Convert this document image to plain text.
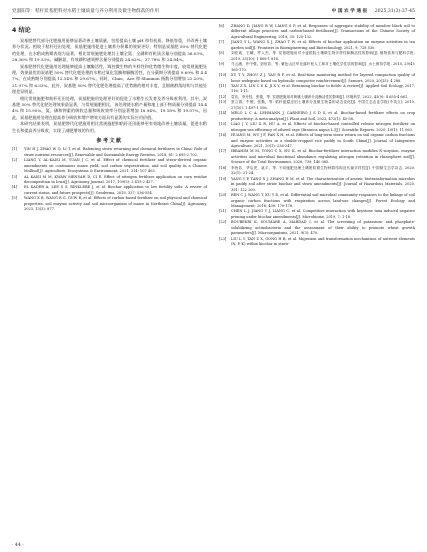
党淑阳等：秸秆炭基肥料对水稻土壤质量与养分利用及微生物群落的作用	中 国 农 学 通 报 2025,31(3):37-45
4 结论

炭基肥替代部分化肥施用能够显著改善土壤质量，包括提高土壤 pH 和有机质，降低容重，并改善土壤养分状况。相较于秸秆还田处理，炭基肥施用促进土壤养分积累的效果更好，特别是炭基肥 50% 替代化肥的处理，在水稻成熟期表现为显著，相比常规施肥处理其土壤全氮、全磷和有机质含量分别提高 36.03%、28.36% 和 19.53%，碱解氮、有效磷和速效钾含量分别提高 24.62%、37.78% 和 24.84%。

炭基肥替代化肥施用处理能够提高土壤酶活性，调控微生物的多样性和优势微生物丰度，较常规施肥处理，效果最优的炭基肥 50% 替代化肥处理的水稻过氧化氢酶和脲酶活性，在分蘖期分别提高 9.69% 和 4.47%，在成熟期分别提高 12.14% 和 29.67%。同时，Chao、Ace 和 Shannon 指数分别增加 22.20%、21.97% 和 6.33%。此外，炭基肥 50% 替代化肥处理提高了优势菌的相对丰度，且细菌群落结构与其他处理差异明显。

相比常规施肥和秸秆还田处理，炭基肥施用处理更好的促进了水稻生长发育及养分吸收利用，其中，炭基肥 50% 替代化肥处理效果最显著，与常规施肥相比，该处理使水稻产量和地上部干物质量分别提高 14.44% 和 15.95%，氮、磷和钾素的吸收总量和吸收效率分别显著增加 18.94%、19.18% 和 19.07%，因此，炭基肥施用处理在提高养分吸收和增产增效方面具有显著的实际应用价值。

本研究结果表明，炭基肥替代化肥施用相比常规施肥和秸秆还田能够更有效地改善土壤质量，促进水稻生长和提高养分吸收，实现了减肥增效的作用。

参考文献
[1]	YIN H J, ZHAO W Q, LI T, et al. Balancing straw returning and chemical fertilizers in China: Role of straw nutrient resources[J]. Renewable and Sustainable Energy Reviews, 2018, 81: 2 695-2 702.
[2]	LIANG Y, AL-KAISI M, YUAN J C, et al. Effect of chemical fertilizer and straw-derived organic amendments on continuous maize yield, soil carbon sequestration, and soil quality in a Chinese Mollisol[J]. Agriculture, Ecosystems & Environment, 2021, 314: 107 403.
[3]	AL KAISI M M, KWAW MENSAH D, CI E. Effect of nitrogen fertilizer application on corn residue decomposition in Iowa[J]. Agronomy Journal, 2017, 109(5): 2 415-2 427.
[4]	EL KADER A, LEE S S, RINKLEBE J, et al. Biochar application to low fertility soils: A review of current status, and future prospects[J]. Geoderma, 2019, 337: 536-554.
[5]	WANG X R, WANG R G, GUW R, et al. Effects of carbon-based fertilizer on soil physical and chemical properties, soil enzyme activity and soil microorganism of maize in Northeast China[J]. Agronomy, 2023, 13(3): 877.
[6]	ZHANG D, JIANG B W, LIANG S P, et al. Responses of aggregate stability of meadow black soil to different tillage practices and carbon-based fertilizers[J]. Transactions of the Chinese Society of Agricultural Engineering, 2019, 35: 125-132.
[7]	JIANG Y L, WANG X J, ZHAO T W, et al. Effects of biochar application on enzyme activities in tea garden soil[J]. Frontiers in Bioengineering and Biotechnology, 2021, 9: 728 530.
[8]	刘佳欢，王曦，罗人杰，等. 炭基肥施用对小麦根际土壤微生物多样性和酶活性的影响[J]. 植物营养与肥料学报, 2019, 25(10): 1 808-1 816.
[9]	马云涵，许中强，彭世彩，等. 紫色山区华北落叶松人工林对土壤化学性质的影响[J]. 水土保持学报, 2015, 29(4): 165-170.
[10]	XU T Y, ZHOU Z J, YAN R F, et al. Real-time monitoring method for layered compaction quality of loose widegrate based on hydraulic compactor reinforcement[J]. Sensors, 2020, 20(15): 4 288.
[11]	TAN Z X, LIN C S K, JI X Y, et al. Returning biochar to fields: A review[J]. Applied Soil Ecology, 2017, 116: 1-11.
[12]	袁访，李开钰，张德，等. 炭基肥施用对黄壤土壤养分及酶活性的影响[J]. 环境科学, 2022, 43(9): 4 655-4 661.
[13]	蔡立群，牛俊，张勤，等. 秸秆促腐还田土壤养分及微生物量的动态变化[J]. 中国生态农业学报(中英文), 2019, 27(10): 1 497-1 506.
[14]	MELO L C A, LEHMANN J, CARNEIRO J S D S, et al. Biochar-based fertilizer effects on crop productivity: A meta-analysis[J]. Plant and Soil, 2022, 472(1): 45-58.
[15]	LIAO J Y, LIU X R, HU A, et al. Effects of biochar-based controlled release nitrogen fertilizer on nitrogen-use efficiency of oilseed rape (Brassica napus L.)[J]. Scientific Reports, 2020, 10(1): 11 063.
[16]	HUANG M, WU J F, PAN X H, et al. Effects of long-term straw return on soil organic carbon fractions and enzyme activities in a double-cropped rice paddy in South China[J]. Journal of Integrative Agriculture, 2021, 20(1): 236-247.
[17]	IBRAHIM M M, TONG C X, HU K, et al. Biochar-fertilizer interaction modifies N-sorption, enzyme activities and microbial functional abundance regulating nitrogen retention in rhizosphere soil[J]. Science of the Total Environment, 2020, 739: 140 065.
[18]	李皆彩，华启虎，莫平，等. 不同施肥处理土壤团粒微生物种群结构及代谢多样性[J]. 中国微生态学杂志, 2020, 32(1): 21-24.
[19]	YANG Y P, TANG X J, ZHANG H M, et al. The characterization of arsenic biotransformation microbes in paddy soil after straw biochar and straw amendments[J]. Journal of Hazardous Materials, 2020, 391: 122 200.
[20]	REN C J, WANG T, XU Y D, et al. Differential soil microbial community responses to the linkage of soil organic carbon fractions with respiration across land-use changes[J]. Forest Ecology and Management, 2018, 409: 170-178.
[21]	CHEN L J, JIANG Y J, LIANG C, et al. Competitive interaction with keystone taxa induced negative priming under biochar amendments[J]. Microbiome, 2019, 7: 1-18.
[22]	BOUBEKRI K, SOUMARE A, MARDAD I, et al. The screening of potassium- and phosphate-solubilizing actinobacteria and the assessment of their ability to promote wheat growth parameters[J]. Microorganisms, 2021, 9(3): 470.
[23]	LIU L Y, TAN Z X, GONG H B, et al. Migration and transformation mechanisms of nutrient elements (N, P, K) within biochar in straw-
· 44 ·
